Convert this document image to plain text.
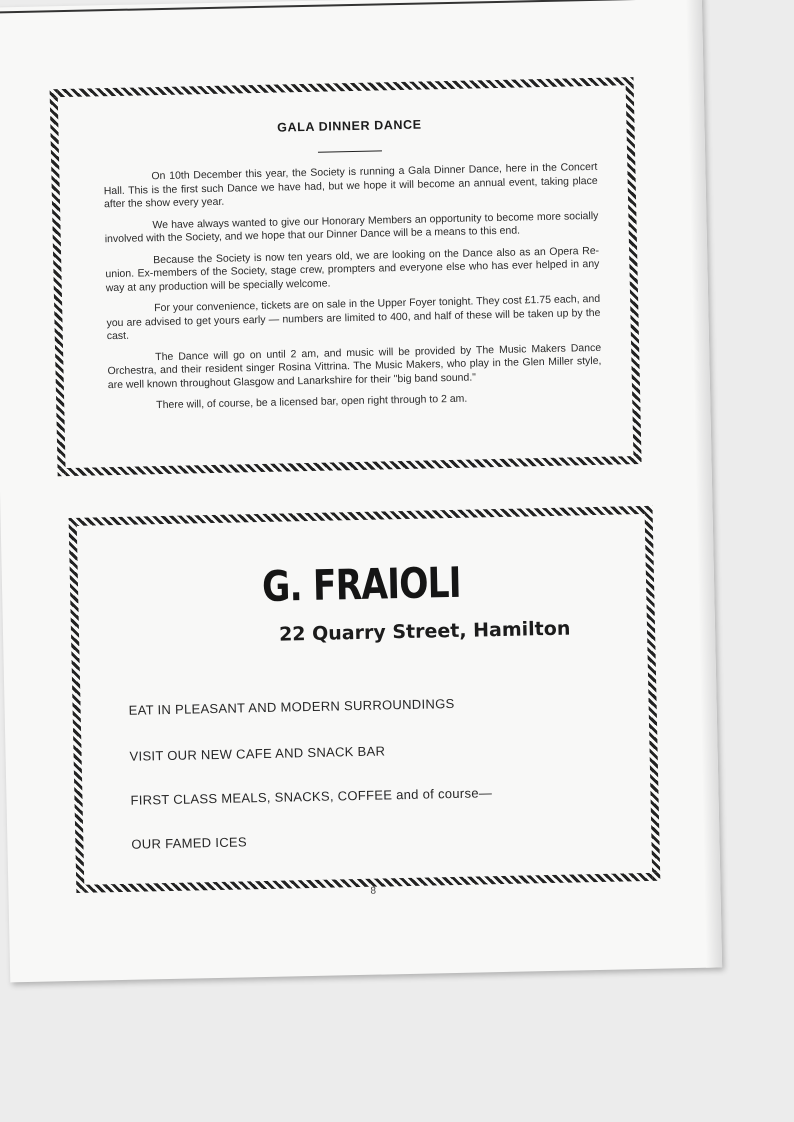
GALA DINNER DANCE

On 10th December this year, the Society is running a Gala Dinner Dance, here in the Concert Hall. This is the first such Dance we have had, but we hope it will become an annual event, taking place after the show every year.

We have always wanted to give our Honorary Members an opportunity to become more socially involved with the Society, and we hope that our Dinner Dance will be a means to this end.

Because the Society is now ten years old, we are looking on the Dance also as an Opera Re-union. Ex-members of the Society, stage crew, prompters and everyone else who has ever helped in any way at any production will be specially welcome.

For your convenience, tickets are on sale in the Upper Foyer tonight. They cost £1.75 each, and you are advised to get yours early — numbers are limited to 400, and half of these will be taken up by the cast.

The Dance will go on until 2 am, and music will be provided by The Music Makers Dance Orchestra, and their resident singer Rosina Vittrina. The Music Makers, who play in the Glen Miller style, are well known throughout Glasgow and Lanarkshire for their "big band sound."

There will, of course, be a licensed bar, open right through to 2 am.

G. FRAIOLI
22 Quarry Street, Hamilton
EAT IN PLEASANT AND MODERN SURROUNDINGS
VISIT OUR NEW CAFE AND SNACK BAR
FIRST CLASS MEALS, SNACKS, COFFEE and of course—
OUR FAMED ICES
8
